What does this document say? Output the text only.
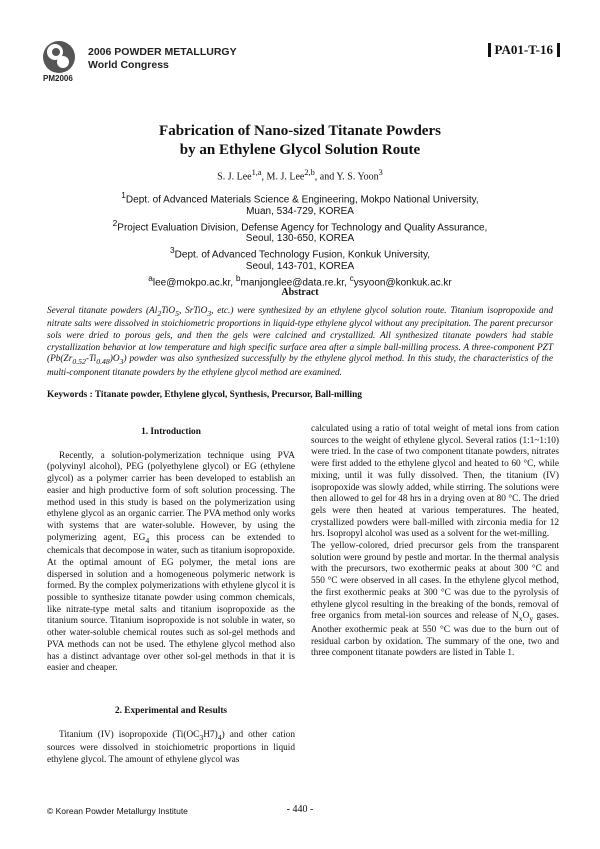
PM2006
2006 POWDER METALLURGY
World Congress
PA01-T-16
Fabrication of Nano-sized Titanate Powders
by an Ethylene Glycol Solution Route
S. J. Lee$^{1,a}$, M. J. Lee$^{2,b}$, and Y. S. Yoon$^3$
$^1$Dept. of Advanced Materials Science & Engineering, Mokpo National University,
Muan, 534-729, KOREA
$^2$Project Evaluation Division, Defense Agency for Technology and Quality Assurance,
Seoul, 130-650, KOREA
$^3$Dept. of Advanced Technology Fusion, Konkuk University,
Seoul, 143-701, KOREA
$^a$lee@mokpo.ac.kr, $^b$manjonglee@data.re.kr, $^c$ysyoon@konkuk.ac.kr
Abstract

Several titanate powders ($Al_2TiO_5$, SrTiO$_3$, etc.) were synthesized by an ethylene glycol solution route. Titanium isopropoxide and nitrate salts were dissolved in stoichiometric proportions in liquid-type ethylene glycol without any precipitation. The parent precursor sols were dried to porous gels, and then the gels were calcined and crystallized. All synthesized titanate powders had stable crystallization behavior at low temperature and high specific surface area after a simple ball-milling process. A three-component PZT $(Pb(Zr_{0.52}-Ti_{0.48})O_3)$ powder was also synthesized successfully by the ethylene glycol method. In this study, the characteristics of the multi-component titanate powders by the ethylene glycol method are examined.

Keywords : Titanate powder, Ethylene glycol, Synthesis, Precursor, Ball-milling
1. Introduction

Recently, a solution-polymerization technique using PVA (polyvinyl alcohol), PEG (polyethylene glycol) or EG (ethylene glycol) as a polymer carrier has been developed to establish an easier and high productive form of soft solution processing. The method used in this study is based on the polymerization using ethylene glycol as an organic carrier. The PVA method only works with systems that are water-soluble. However, by using the polymerizing agent, $EG_4$ this process can be extended to chemicals that decompose in water, such as titanium isopropoxide. At the optimal amount of EG polymer, the metal ions are dispersed in solution and a homogeneous polymeric network is formed. By the complex polymerizations with ethylene glycol it is possible to synthesize titanate powder using common chemicals, like nitrate-type metal salts and titanium isopropoxide as the titanium source. Titanium isopropoxide is not soluble in water, so other water-soluble chemical routes such as sol-gel methods and PVA methods can not be used. The ethylene glycol method also has a distinct advantage over other sol-gel methods in that it is easier and cheaper.

2. Experimental and Results

Titanium (IV) isopropoxide $(Ti(OC_3H7)_4)$ and other cation sources were dissolved in stoichiometric proportions in liquid ethylene glycol. The amount of ethylene glycol was

calculated using a ratio of total weight of metal ions from cation sources to the weight of ethylene glycol. Several ratios (1:1~1:10) were tried. In the case of two component titanate powders, nitrates were first added to the ethylene glycol and heated to 60 °C, while mixing, until it was fully dissolved. Then, the titanium (IV) isopropoxide was slowly added, while stirring. The solutions were then allowed to gel for 48 hrs in a drying oven at 80 °C. The dried gels were then heated at various temperatures. The heated, crystallized powders were ball-milled with zirconia media for 12 hrs. Isopropyl alcohol was used as a solvent for the wet-milling.

The yellow-colored, dried precursor gels from the transparent solution were ground by pestle and mortar. In the thermal analysis with the precursors, two exothermic peaks at about 300 °C and 550 °C were observed in all cases. In the ethylene glycol method, the first exothermic peaks at 300 °C was due to the pyrolysis of ethylene glycol resulting in the breaking of the bonds, removal of free organics from metal-ion sources and release of $N_xO_y$ gases. Another exothermic peak at 550 °C was due to the burn out of residual carbon by oxidation. The summary of the one, two and three component titanate powders are listed in Table 1.

© Korean Powder Metallurgy Institute	- 440 -
